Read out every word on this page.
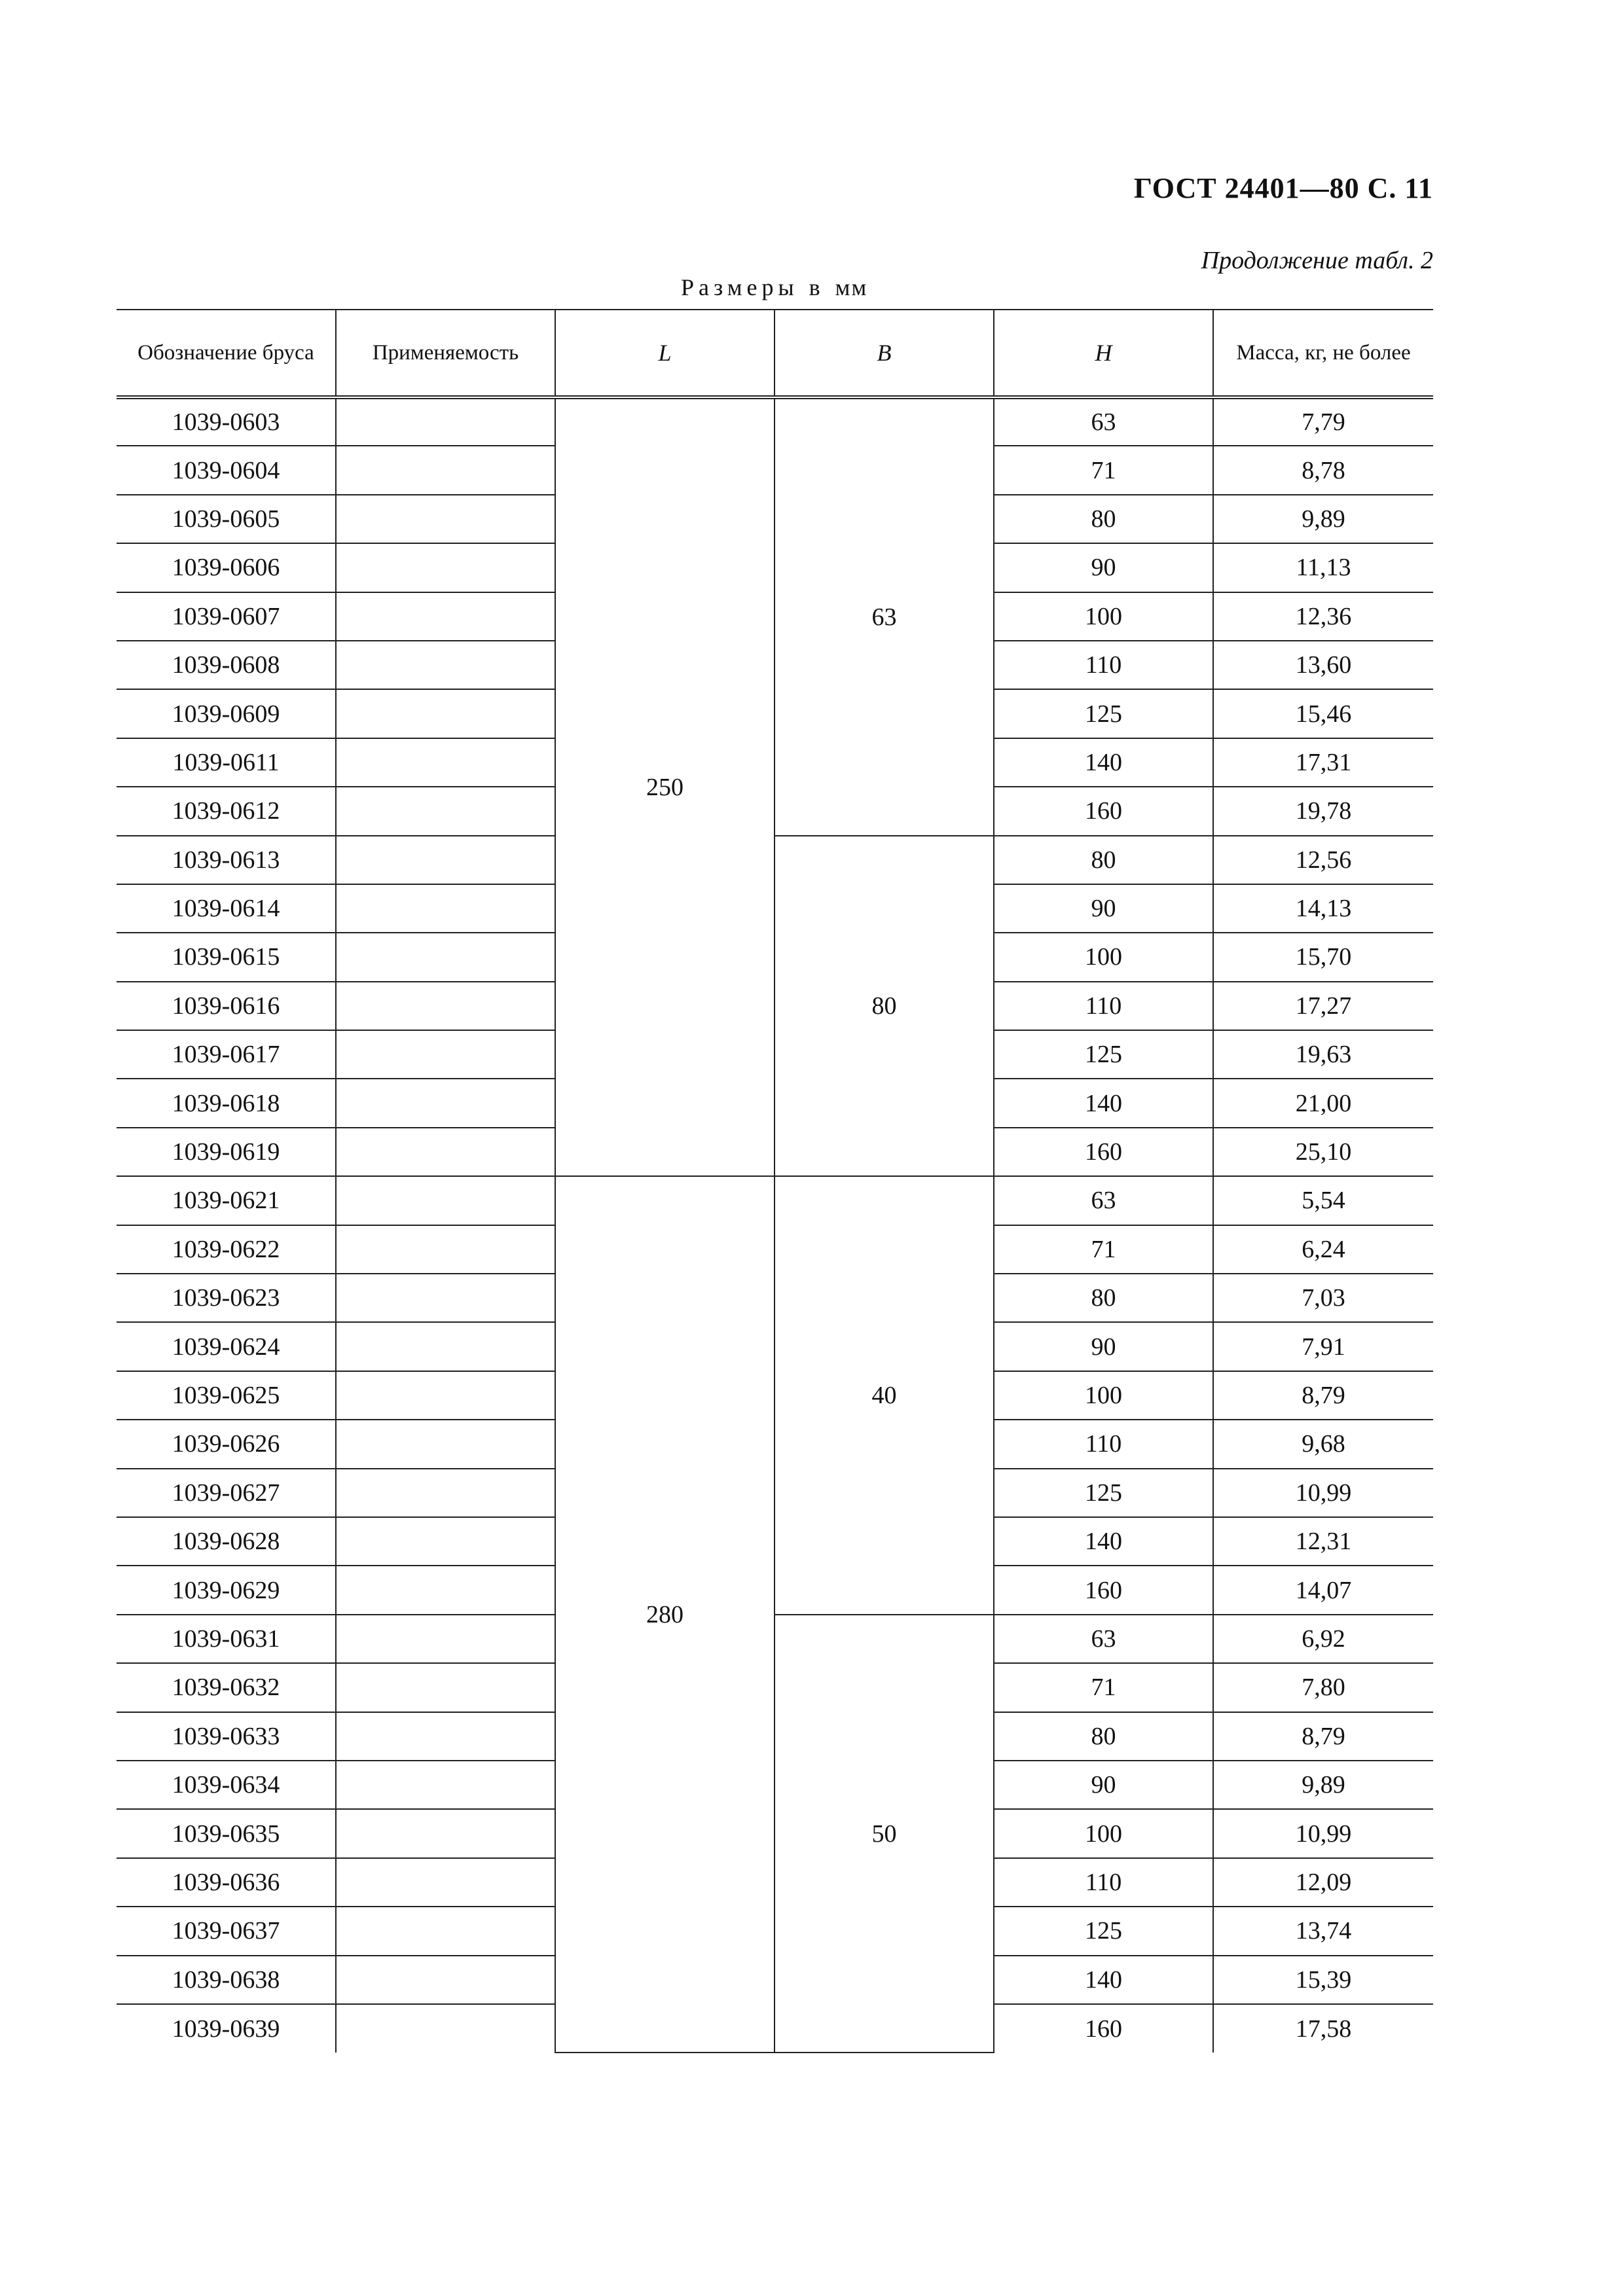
ГОСТ 24401—80 С. 11
Продолжение табл. 2
Размеры в мм
Обозначение бруса	Применяемость	L	B	H	Масса, кг, не более
1039-0603		250	63	63	7,79
1039-0604				71	8,78
1039-0605				80	9,89
1039-0606				90	11,13
1039-0607				100	12,36
1039-0608				110	13,60
1039-0609				125	15,46
1039-0611				140	17,31
1039-0612				160	19,78
1039-0613			80	80	12,56
1039-0614				90	14,13
1039-0615				100	15,70
1039-0616				110	17,27
1039-0617				125	19,63
1039-0618				140	21,00
1039-0619				160	25,10
1039-0621		280	40	63	5,54
1039-0622				71	6,24
1039-0623				80	7,03
1039-0624				90	7,91
1039-0625				100	8,79
1039-0626				110	9,68
1039-0627				125	10,99
1039-0628				140	12,31
1039-0629				160	14,07
1039-0631			50	63	6,92
1039-0632				71	7,80
1039-0633				80	8,79
1039-0634				90	9,89
1039-0635				100	10,99
1039-0636				110	12,09
1039-0637				125	13,74
1039-0638				140	15,39
1039-0639				160	17,58
